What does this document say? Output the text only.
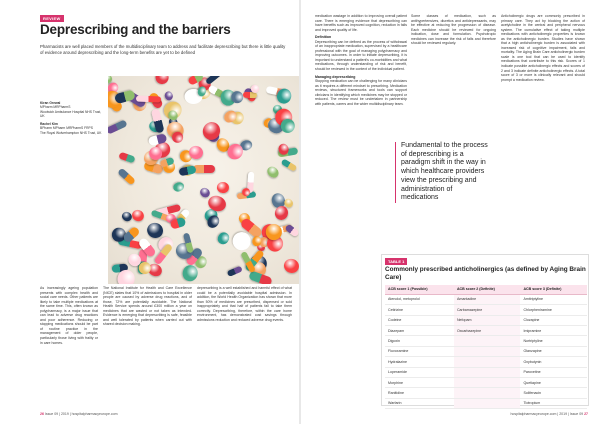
REVIEW
Deprescribing and the barriers
Pharmacists are well placed members of the multidisciplinary team to address and facilitate deprescribing but there is little quality of evidence around deprescribing and the long-term benefits are yet to be defined
Kiran Grewal
MPharm MRPharmS
Woolwich Ambulance Hospital NHS Trust, UK
Rachel Kim
BPharm MPharm MRPharmS FRPS
The Royal Wolverhampton NHS Trust, UK
As increasingly ageing population presents with complex health and social care needs. Other patients are likely to take multiple medications at the same time. This, often known as polypharmacy, is a major issue that can lead to adverse drug reactions and poor adherence. Reducing or stopping medications should be part of routine practice in the management of older people, particularly those living with frailty or in care homes.
The National Institute for Health and Care Excellence (NICE) states that 10% of admissions to hospital in older people are caused by adverse drug reactions, and of those, 72% are potentially avoidable. The National Health Service spends around £300 million a year on medicines that are wasted or not taken as intended. Evidence is emerging that deprescribing is safe, feasible and well tolerated by patients when carried out with shared decision making.
deprescribing is a well established and harmful effect of what could be a potentially avoidable hospital admission. In addition, the World Health Organization has shown that more than 50% of medicines are prescribed, dispensed or sold inappropriately and that half of patients fail to take them correctly. Deprescribing, therefore, within the care home environment, has demonstrated cost savings through admissions reduction and reduced adverse drug events.
26 Issue 09 | 2019 | hospitalpharmacyeurope.com
medication wastage in addition to improving overall patient care. There is emerging evidence that deprescribing can have benefits such as improved cognition, reduction in falls and improved quality of life.
Definition
Deprescribing can be defined as the process of withdrawal of an inappropriate medication, supervised by a healthcare professional with the goal of managing polypharmacy and improving outcomes. In order to initiate deprescribing, it is important to understand a patient's co-morbidities and what medications, through understanding of risk and benefit, should be reviewed in the context of the individual patient.
Managing deprescribing
Stopping medication can be challenging for many clinicians as it requires a different mindset to prescribing. Medication reviews, structured frameworks and tools can support clinicians in identifying which medicines may be stopped or reduced. The review must be undertaken in partnership with patients, carers and the wider multidisciplinary team.
Some classes of medication, such as antihypertensives, diuretics and antidepressants, may be effective at reducing the progression of disease. Each medicine should be reviewed for ongoing indication, dose and formulation. Psychotropic medicines can increase the risk of falls and therefore should be reviewed regularly.
Fundamental to the process of deprescribing is a paradigm shift in the way in which healthcare providers view the prescribing and administration of medications
Anticholinergic drugs are commonly prescribed in primary care. They act by blocking the action of acetylcholine in the central and peripheral nervous system. The cumulative effect of taking multiple medications with anticholinergic properties is known as the anticholinergic burden. Studies have shown that a high anticholinergic burden is associated with increased risk of cognitive impairment, falls and mortality. The Aging Brain Care anticholinergic burden scale is one tool that can be used to identify medications that contribute to this risk. Scores of 1 indicate possible anticholinergic effects and scores of 2 and 3 indicate definite anticholinergic effects. A total score of 3 or more is clinically relevant and should prompt a medication review.
TABLE 1
Commonly prescribed anticholinergics (as defined by Aging Brain Care)
ACB score 1 (Possible)	ACB score 2 (Definite)	ACB score 3 (Definite)
Atenolol, metoprolol	Amantadine	Amitriptyline
Cetirizine	Carbamazepine	Chlorpheniramine
Codeine	Nefopam	Clozapine
Diazepam	Oxcarbazepine	Imipramine
Digoxin		Nortriptyline
Fluvoxamine		Olanzapine
Hydralazine		Oxybutynin
Loperamide		Paroxetine
Morphine		Quetiapine
Ranitidine		Solifenacin
Warfarin		Tiotropium
hospitalpharmacyeurope.com | 2019 | Issue 09 27
